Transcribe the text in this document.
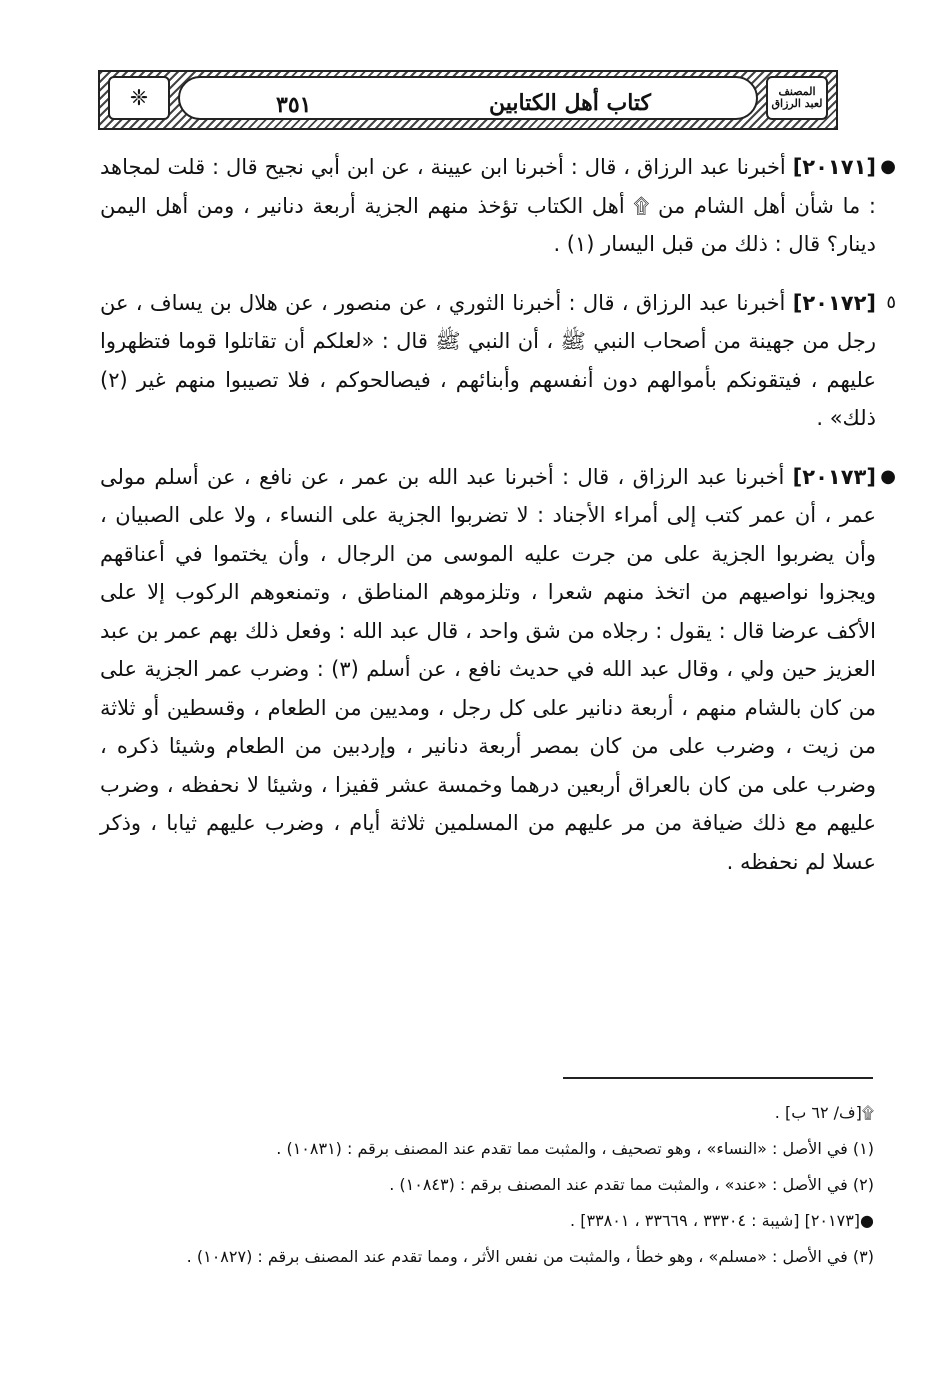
❈	٣٥١	كتاب أهل الكتابين	المصنف
لعبد الرزاق

●
[٢٠١٧١] أخبرنا عبد الرزاق ، قال : أخبرنا ابن عيينة ، عن ابن أبي نجيح قال : قلت لمجاهد : ما شأن أهل الشام من ۩ أهل الكتاب تؤخذ منهم الجزية أربعة دنانير ، ومن أهل اليمن دينار؟ قال : ذلك من قبل اليسار (١) .

٥
[٢٠١٧٢] أخبرنا عبد الرزاق ، قال : أخبرنا الثوري ، عن منصور ، عن هلال بن يساف ، عن رجل من جهينة من أصحاب النبي ﷺ ، أن النبي ﷺ قال : «لعلكم أن تقاتلوا قوما فتظهروا عليهم ، فيتقونكم بأموالهم دون أنفسهم وأبنائهم ، فيصالحوكم ، فلا تصيبوا منهم غير (٢) ذلك» .

●
[٢٠١٧٣] أخبرنا عبد الرزاق ، قال : أخبرنا عبد الله بن عمر ، عن نافع ، عن أسلم مولى عمر ، أن عمر كتب إلى أمراء الأجناد : لا تضربوا الجزية على النساء ، ولا على الصبيان ، وأن يضربوا الجزية على من جرت عليه الموسى من الرجال ، وأن يختموا في أعناقهم ويجزوا نواصيهم من اتخذ منهم شعرا ، وتلزموهم المناطق ، وتمنعوهم الركوب إلا على الأكف عرضا قال : يقول : رجلاه من شق واحد ، قال عبد الله : وفعل ذلك بهم عمر بن عبد العزيز حين ولي ، وقال عبد الله في حديث نافع ، عن أسلم (٣) : وضرب عمر الجزية على من كان بالشام منهم ، أربعة دنانير على كل رجل ، ومديين من الطعام ، وقسطين أو ثلاثة من زيت ، وضرب على من كان بمصر أربعة دنانير ، وإردبين من الطعام وشيئا ذكره ، وضرب على من كان بالعراق أربعين درهما وخمسة عشر قفيزا ، وشيئا لا نحفظه ، وضرب عليهم مع ذلك ضيافة من مر عليهم من المسلمين ثلاثة أيام ، وضرب عليهم ثيابا ، وذكر عسلا لم نحفظه .

۩[ف/ ٦٢ ب] .
(١) في الأصل : «النساء» ، وهو تصحيف ، والمثبت مما تقدم عند المصنف برقم : (١٠٨٣١) .
(٢) في الأصل : «عند» ، والمثبت مما تقدم عند المصنف برقم : (١٠٨٤٣) .
●[٢٠١٧٣] [شيبة : ٣٣٣٠٤ ، ٣٣٦٦٩ ، ٣٣٨٠١] .
(٣) في الأصل : «مسلم» ، وهو خطأ ، والمثبت من نفس الأثر ، ومما تقدم عند المصنف برقم : (١٠٨٢٧) .
